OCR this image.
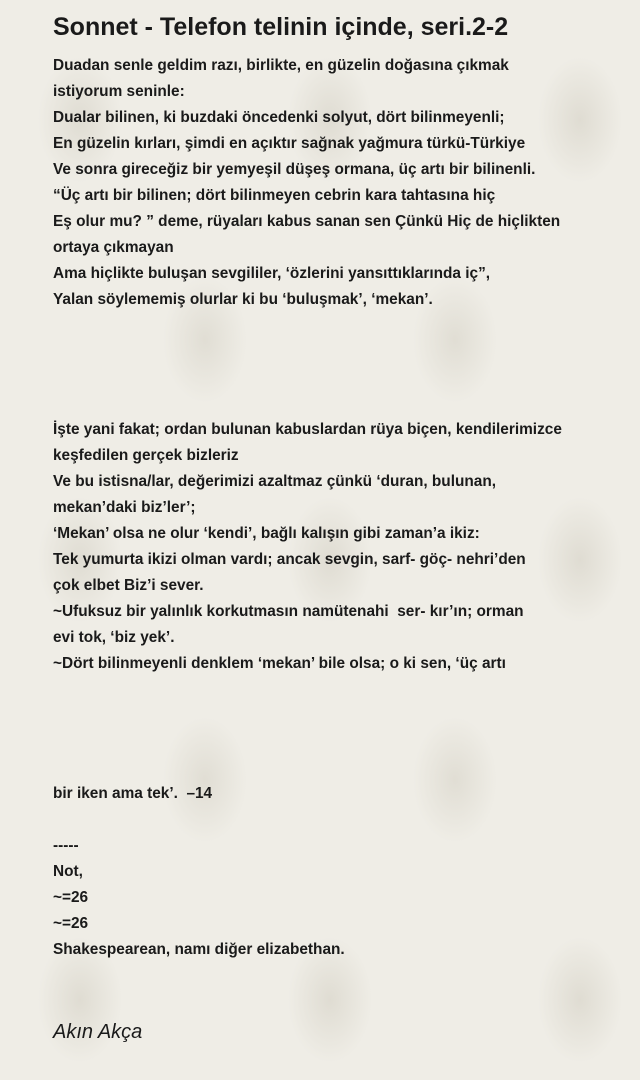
Sonnet - Telefon telinin içinde, seri.2-2
Duadan senle geldim razı, birlikte, en güzelin doğasına çıkmak
istiyorum seninle:
Dualar bilinen, ki buzdaki öncedenki solyut, dört bilinmeyenli;
En güzelin kırları, şimdi en açıktır sağnak yağmura türkü-Türkiye
Ve sonra gireceğiz bir yemyeşil düşeş ormana, üç artı bir bilinenli.
“Üç artı bir bilinen; dört bilinmeyen cebrin kara tahtasına hiç
Eş olur mu? ” deme, rüyaları kabus sanan sen Çünkü Hiç de hiçlikten
ortaya çıkmayan
Ama hiçlikte buluşan sevgililer, ‘özlerini yansıttıklarında iç”,
Yalan söylememiş olurlar ki bu ‘buluşmak’, ‘mekan’.
İşte yani fakat; ordan bulunan kabuslardan rüya biçen, kendilerimizce
keşfedilen gerçek bizleriz
Ve bu istisna/lar, değerimizi azaltmaz çünkü ‘duran, bulunan,
mekan’daki biz’ler’;
‘Mekan’ olsa ne olur ‘kendi’, bağlı kalışın gibi zaman’a ikiz:
Tek yumurta ikizi olman vardı; ancak sevgin, sarf- göç- nehri’den
çok elbet Biz’i sever.
~Ufuksuz bir yalınlık korkutmasın namütenahi  ser- kır’ın; orman
evi tok, ‘biz yek’.
~Dört bilinmeyenli denklem ‘mekan’ bile olsa; o ki sen, ‘üç artı
bir iken ama tek’.  –14
-----
Not,
~=26
~=26
Shakespearean, namı diğer elizabethan.
Akın Akça
